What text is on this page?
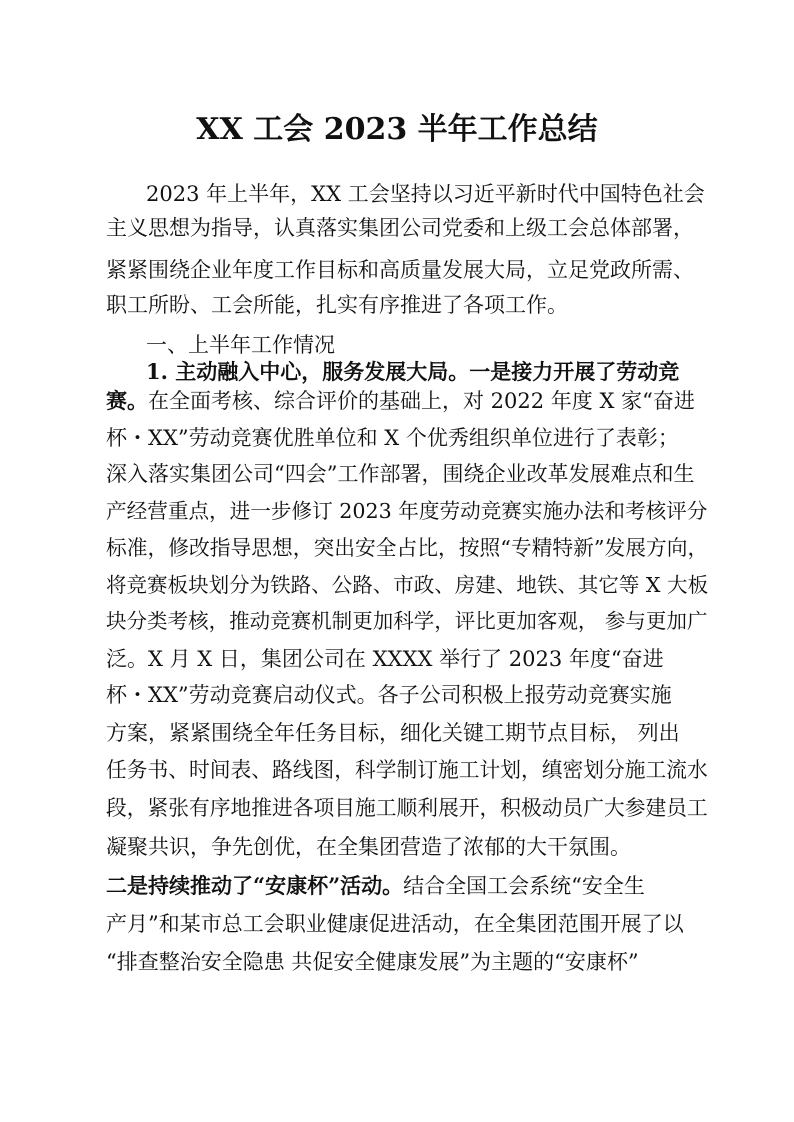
XX 工会 2023 半年工作总结
2023 年上半年，XX 工会坚持以习近平新时代中国特色社会
主义思想为指导，认真落实集团公司党委和上级工会总体部署，
紧紧围绕企业年度工作目标和高质量发展大局，立足党政所需、
职工所盼、工会所能，扎实有序推进了各项工作。
一、上半年工作情况
1. 主动融入中心，服务发展大局。一是接力开展了劳动竞
赛。在全面考核、综合评价的基础上，对 2022 年度 X 家“奋进
杯・XX”劳动竞赛优胜单位和 X 个优秀组织单位进行了表彰；
深入落实集团公司“四会”工作部署，围绕企业改革发展难点和生
产经营重点，进一步修订 2023 年度劳动竞赛实施办法和考核评分
标准，修改指导思想，突出安全占比，按照“专精特新”发展方向，
将竞赛板块划分为铁路、公路、市政、房建、地铁、其它等 X 大板
块分类考核，推动竞赛机制更加科学，评比更加客观， 参与更加广
泛。X 月 X 日，集团公司在 XXXX 举行了 2023 年度“奋进
杯・XX”劳动竞赛启动仪式。各子公司积极上报劳动竞赛实施
方案，紧紧围绕全年任务目标，细化关键工期节点目标， 列出
任务书、时间表、路线图，科学制订施工计划，缜密划分施工流水
段，紧张有序地推进各项目施工顺利展开，积极动员广大参建员工
凝聚共识，争先创优，在全集团营造了浓郁的大干氛围。
二是持续推动了“安康杯”活动。结合全国工会系统“安全生
产月”和某市总工会职业健康促进活动，在全集团范围开展了以
“排查整治安全隐患 共促安全健康发展”为主题的“安康杯”
